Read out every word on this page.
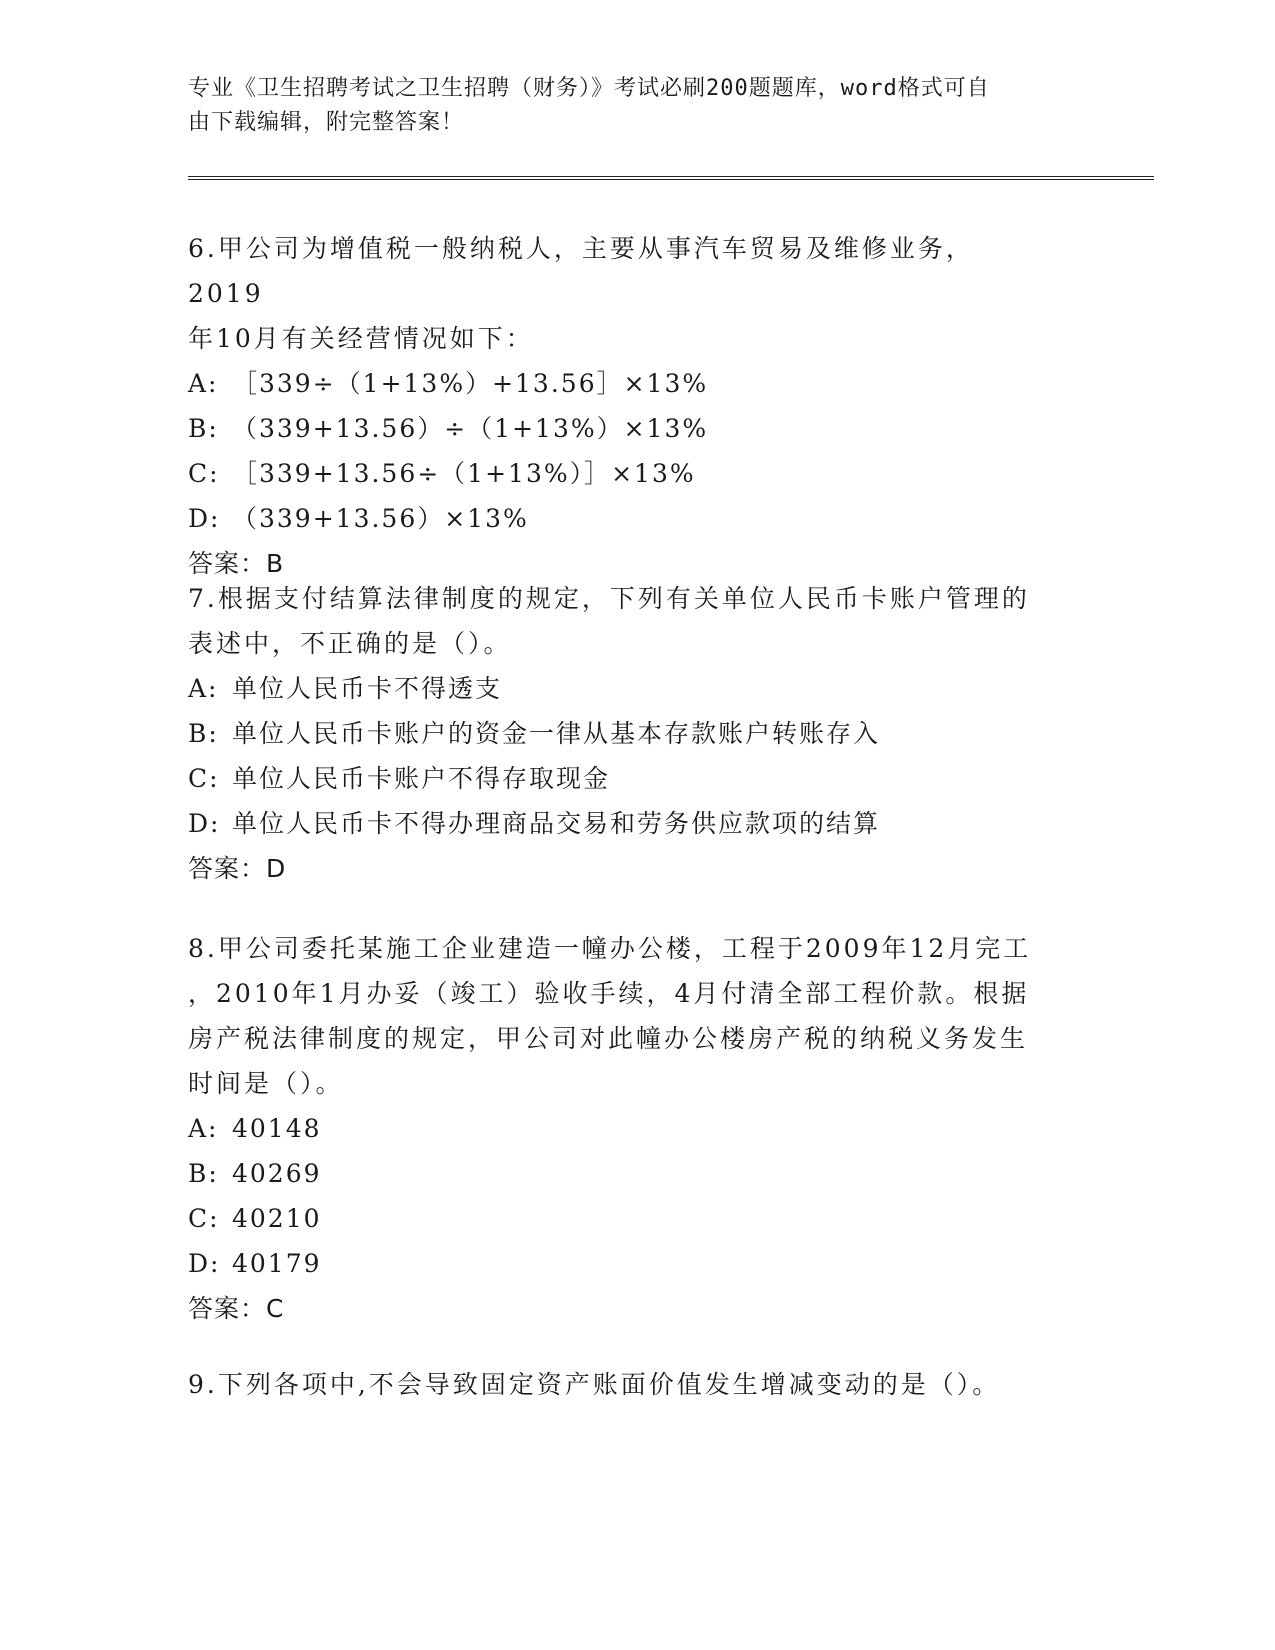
专业《卫生招聘考试之卫生招聘（财务）》考试必刷200题题库，word格式可自
由下载编辑，附完整答案！
6.甲公司为增值税一般纳税人，主要从事汽车贸易及维修业务，2019
年10月有关经营情况如下：
A: ［339÷（1+13%）+13.56］×13%
B: （339+13.56）÷（1+13%）×13%
C: ［339+13.56÷（1+13%）］×13%
D: （339+13.56）×13%
答案：B
7.根据支付结算法律制度的规定，下列有关单位人民币卡账户管理的
表述中，不正确的是（）。
A: 单位人民币卡不得透支
B: 单位人民币卡账户的资金一律从基本存款账户转账存入
C: 单位人民币卡账户不得存取现金
D: 单位人民币卡不得办理商品交易和劳务供应款项的结算
答案：D
8.甲公司委托某施工企业建造一幢办公楼，工程于2009年12月完工
，2010年1月办妥（竣工）验收手续，4月付清全部工程价款。根据
房产税法律制度的规定，甲公司对此幢办公楼房产税的纳税义务发生
时间是（）。
A: 40148
B: 40269
C: 40210
D: 40179
答案：C
9.下列各项中,不会导致固定资产账面价值发生增减变动的是（）。
